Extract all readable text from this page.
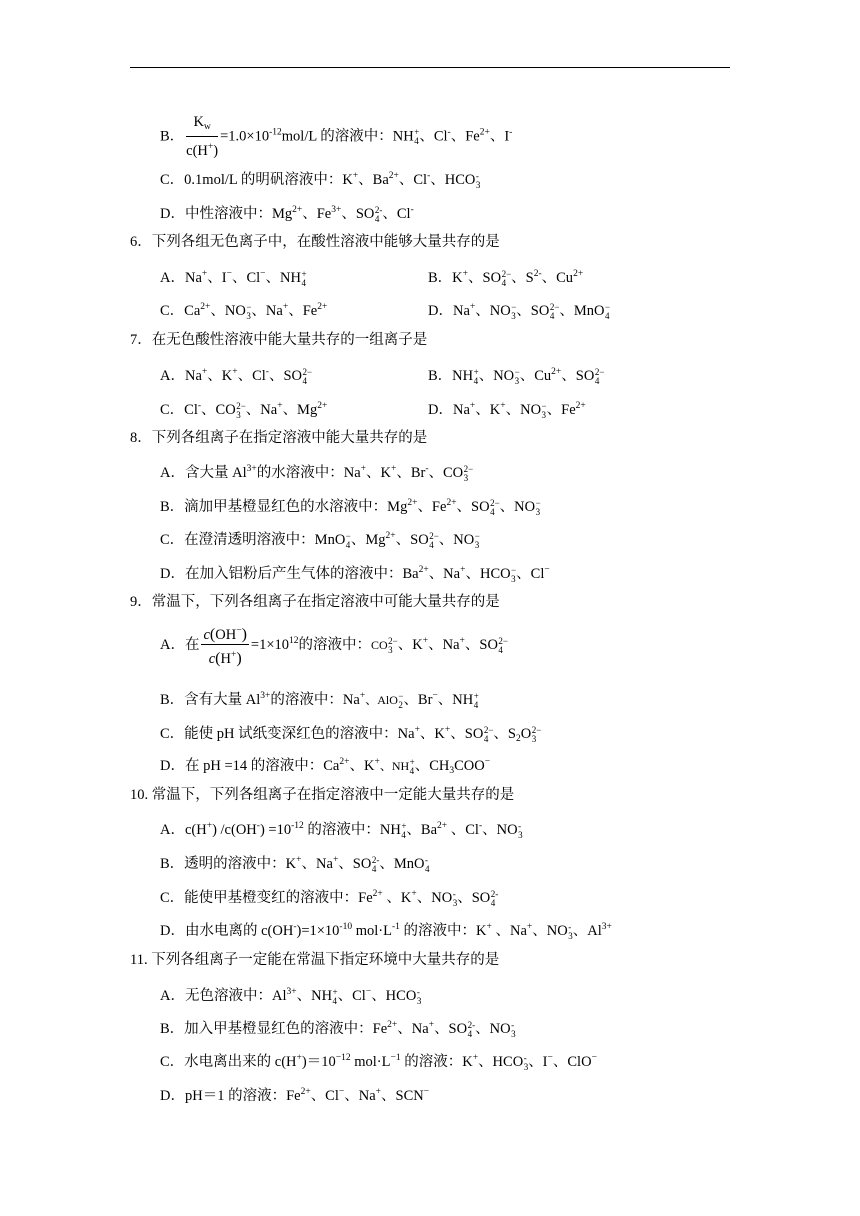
B． $\frac{K_w}{c(H^+)} =1.0\times 10^{-12}mol/L$ 的溶液中：NH +
4 、Cl-、$Fe^{2+}$、I-
C．0.1mol/L 的明矾溶液中：K+、$Ba^{2+}$、Cl-、HCO -
3
D．中性溶液中：$Mg^{2+}$、$Fe^{3+}$、SO 2-
4 、Cl-
6．下列各组无色离子中，在酸性溶液中能够大量共存的是
A．Na+、I−、Cl−、NH +
4	B．K+、SO 2−
4 、$S^{2-}$、$Cu^{2+}$
C．$Ca^{2+}$、NO −
3 、Na+、$Fe^{2+}$	D．Na+、NO −
3 、SO 2−
4 、MnO −
4
7．在无色酸性溶液中能大量共存的一组离子是
A．Na+、K+、Cl-、SO 2−
4	B．NH +
4 、NO −
3 、$Cu^{2+}$、SO 2−
4
C．Cl-、CO 2−
3 、Na+、$Mg^{2+}$	D．Na+、K+、NO −
3 、$Fe^{2+}$
8．下列各组离子在指定溶液中能大量共存的是
A．含大量 $Al^{3+}$的水溶液中：Na+、K+、Br-、CO 2−
3
B．滴加甲基橙显红色的水溶液中：$Mg^{2+}$、$Fe^{2+}$、SO 2−
4 、NO −
3
C．在澄清透明溶液中：MnO −
4 、$Mg^{2+}$、SO 2−
4 、NO −
3
D．在加入铝粉后产生气体的溶液中：$Ba^{2+}$、Na+、HCO −
3 、Cl−
9．常温下，下列各组离子在指定溶液中可能大量共存的是
A．在 $\frac{c(OH^-)}{c(H^+)} =1\times 10^{12}$的溶液中：CO 2−
3 、K+、Na+、SO 2−
4
B．含有大量 $Al^{3+}$的溶液中：Na+、AlO −
2 、Br−、NH +
4
C．能使 pH 试纸变深红色的溶液中：Na+、K+、SO 2−
4 、$S_2O$ 2−
3
D．在 pH =14 的溶液中：$Ca^{2+}$、K+、NH +
4 、$CH_3COO^-$
10. 常温下，下列各组离子在指定溶液中一定能大量共存的是
A．c(H+) $/c(OH^-) =10^{-12}$ 的溶液中：NH +
4 、$Ba^{2+}$ 、Cl-、NO -
3
B．透明的溶液中：K+、Na+、SO 2-
4 、MnO -
4
C．能使甲基橙变红的溶液中：$Fe^{2+}$ 、K+、NO -
3 、SO 2-
4
D．由水电离的 $c(OH^-)=1\times 10^{-10}$ $mol\cdot L^{-1}$ 的溶液中：K+ 、Na+、NO -
3 、$Al^{3+}$
11. 下列各组离子一定能在常温下指定环境中大量共存的是
A．无色溶液中：$Al^{3+}$、NH +
4 、Cl−、HCO -
3
B．加入甲基橙显红色的溶液中：$Fe^{2+}$、Na+、SO 2-
4 、NO -
3
C．水电离出来的 $c(H^+)=10^{-12}$ $mol\cdot L^{-1}$ 的溶液：K+、HCO -
3 、I−、ClO−
D．pH＝1 的溶液：$Fe^{2+}$、Cl−、Na+、SCN−
